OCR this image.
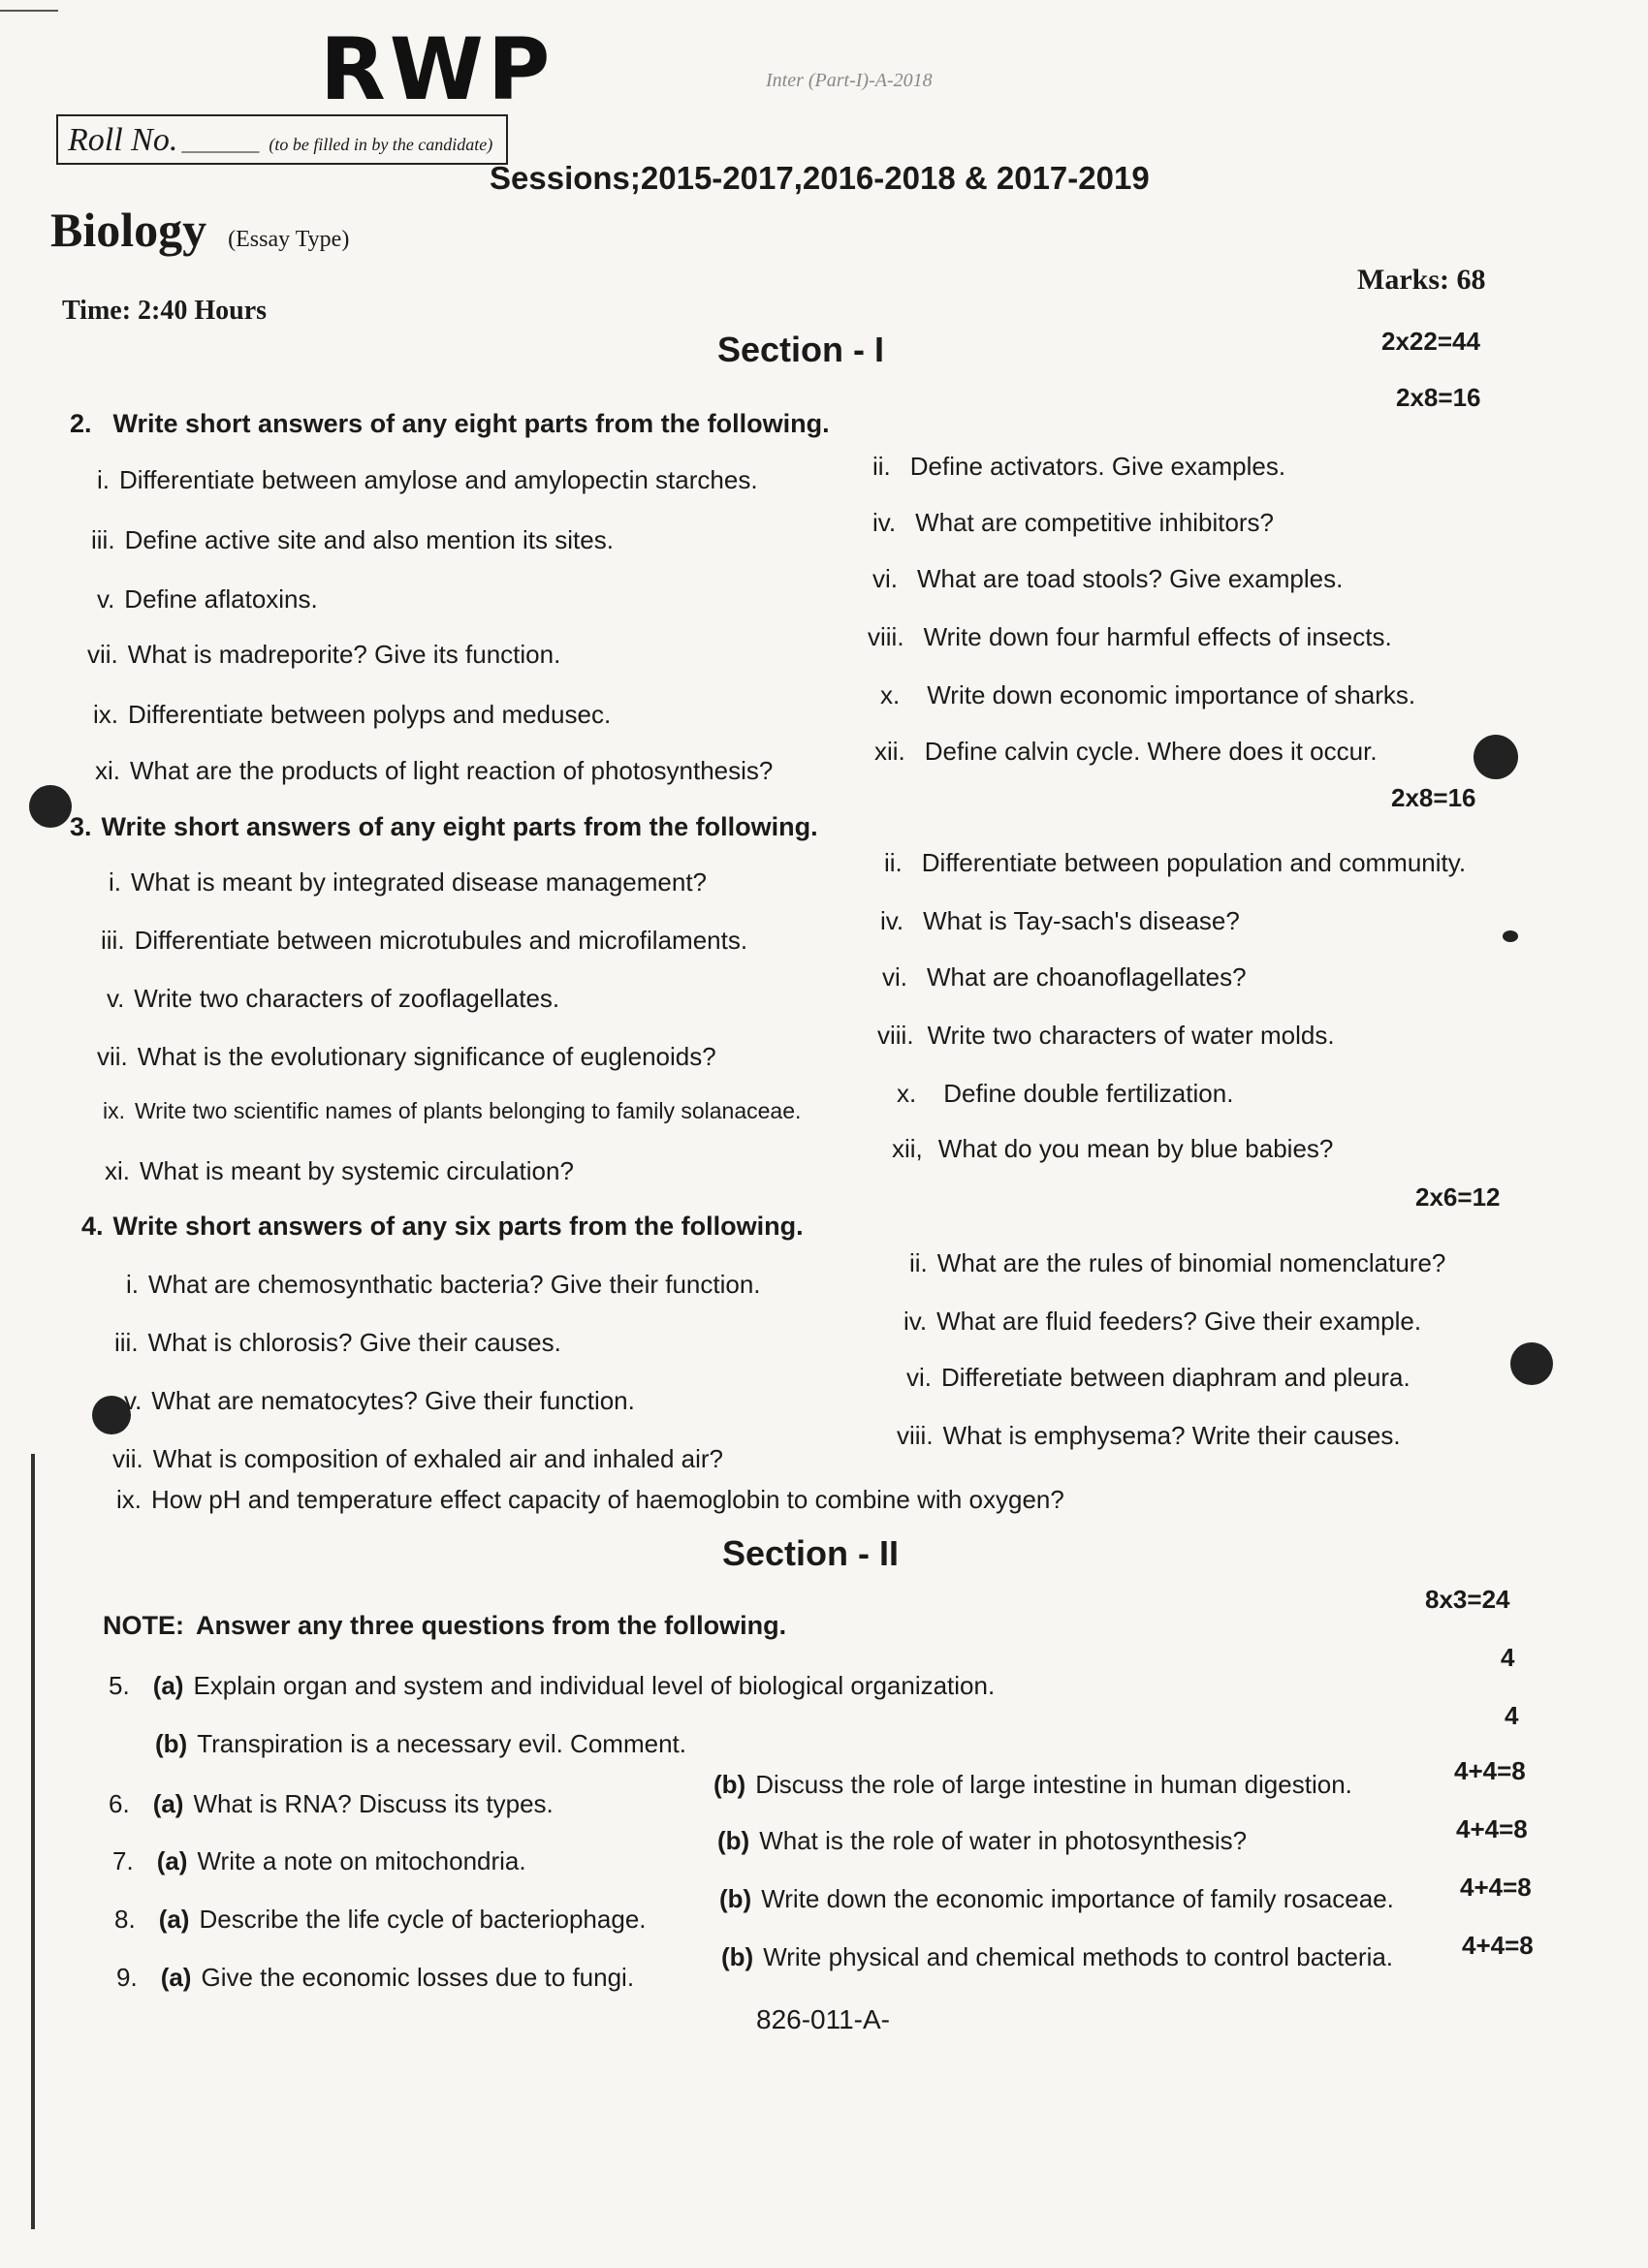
RWP	Inter (Part-I)-A-2018
Roll No. ________ (to be filled in by the candidate)
Sessions;2015-2017,2016-2018 & 2017-2019
Biology (Essay Type)
Marks: 68
Time: 2:40 Hours
Section - I	2x22=44
2x8=16
2. Write short answers of any eight parts from the following.
i. Differentiate between amylose and amylopectin starches.	ii. Define activators. Give examples.
iii. Define active site and also mention its sites.
iv. What are competitive inhibitors?
v. Define aflatoxins.
vi. What are toad stools? Give examples.
vii. What is madreporite? Give its function.
viii. Write down four harmful effects of insects.
ix. Differentiate between polyps and medusec.
x. Write down economic importance of sharks.
xi. What are the products of light reaction of photosynthesis?
xii. Define calvin cycle. Where does it occur.
2x8=16
3. Write short answers of any eight parts from the following.
i. What is meant by integrated disease management?
ii. Differentiate between population and community.
iii. Differentiate between microtubules and microfilaments.
iv. What is Tay-sach's disease?
v. Write two characters of zooflagellates.
vi. What are choanoflagellates?
vii. What is the evolutionary significance of euglenoids?
viii. Write two characters of water molds.
ix. Write two scientific names of plants belonging to family solanaceae.
x. Define double fertilization.
xi. What is meant by systemic circulation?
xii, What do you mean by blue babies?
2x6=12
4. Write short answers of any six parts from the following.
i. What are chemosynthatic bacteria? Give their function.
ii. What are the rules of binomial nomenclature?
iii. What is chlorosis? Give their causes.
iv. What are fluid feeders? Give their example.
v. What are nematocytes? Give their function.
vi. Differetiate between diaphram and pleura.
vii. What is composition of exhaled air and inhaled air?
viii. What is emphysema? Write their causes.
ix. How pH and temperature effect capacity of haemoglobin to combine with oxygen?
Section - II
8x3=24
NOTE: Answer any three questions from the following.
5. (a) Explain organ and system and individual level of biological organization.
4
(b) Transpiration is a necessary evil. Comment.
4
6. (a) What is RNA? Discuss its types.
(b) Discuss the role of large intestine in human digestion.	4+4=8
7. (a) Write a note on mitochondria.
(b) What is the role of water in photosynthesis?	4+4=8
8. (a) Describe the life cycle of bacteriophage.
(b) Write down the economic importance of family rosaceae.	4+4=8
9. (a) Give the economic losses due to fungi.
(b) Write physical and chemical methods to control bacteria.	4+4=8
826-011-A-
